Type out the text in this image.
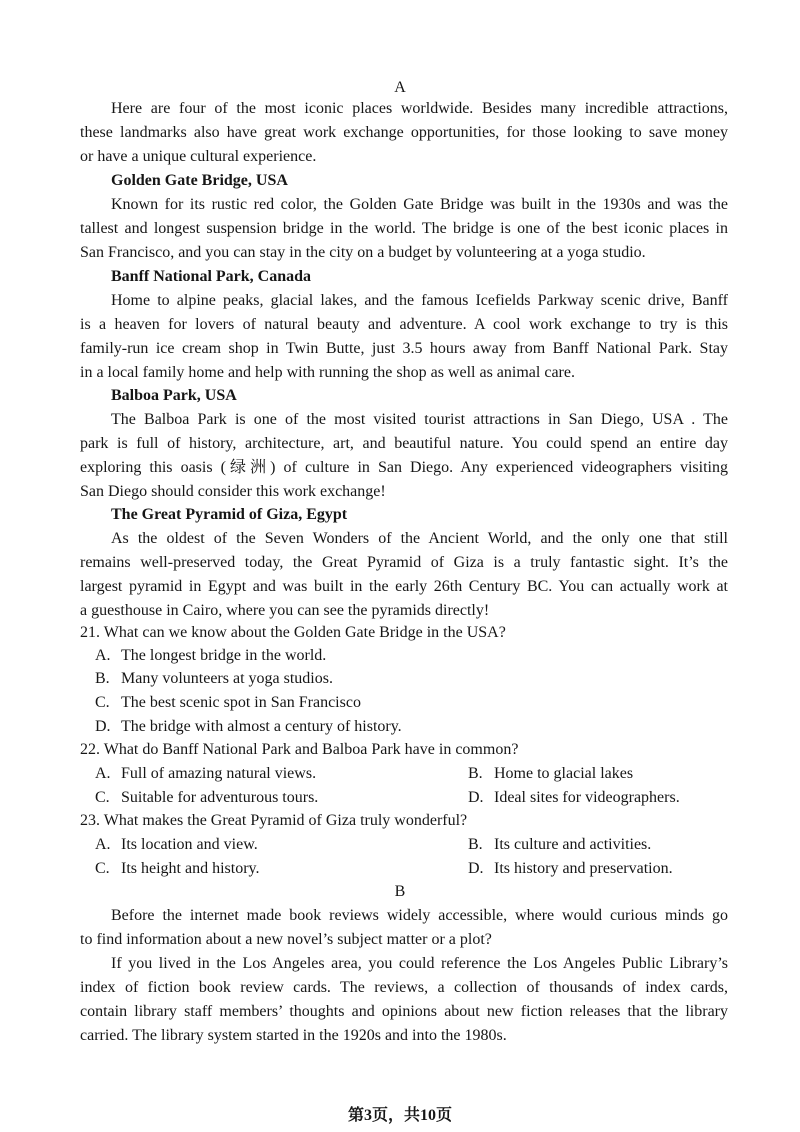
A
Here are four of the most iconic places worldwide. Besides many incredible attractions,
these landmarks also have great work exchange opportunities, for those looking to save money
or have a unique cultural experience.
Golden Gate Bridge, USA
Known for its rustic red color, the Golden Gate Bridge was built in the 1930s and was the
tallest and longest suspension bridge in the world. The bridge is one of the best iconic places in
San Francisco, and you can stay in the city on a budget by volunteering at a yoga studio.
Banff National Park, Canada
Home to alpine peaks, glacial lakes, and the famous Icefields Parkway scenic drive, Banff
is a heaven for lovers of natural beauty and adventure. A cool work exchange to try is this
family-run ice cream shop in Twin Butte, just 3.5 hours away from Banff National Park. Stay
in a local family home and help with running the shop as well as animal care.
Balboa Park, USA
The Balboa Park is one of the most visited tourist attractions in San Diego, USA . The
park is full of history, architecture, art, and beautiful nature. You could spend an entire day
exploring this oasis (绿洲) of culture in San Diego. Any experienced videographers visiting
San Diego should consider this work exchange!
The Great Pyramid of Giza, Egypt
As the oldest of the Seven Wonders of the Ancient World, and the only one that still
remains well-preserved today, the Great Pyramid of Giza is a truly fantastic sight. It’s the
largest pyramid in Egypt and was built in the early 26th Century BC. You can actually work at
a guesthouse in Cairo, where you can see the pyramids directly!
21. What can we know about the Golden Gate Bridge in the USA?
A. The longest bridge in the world.
B. Many volunteers at yoga studios.
C. The best scenic spot in San Francisco
D. The bridge with almost a century of history.
22. What do Banff National Park and Balboa Park have in common?
A. Full of amazing natural views.	B. Home to glacial lakes
C. Suitable for adventurous tours.	D. Ideal sites for videographers.
23. What makes the Great Pyramid of Giza truly wonderful?
A. Its location and view.	B. Its culture and activities.
C. Its height and history.	D. Its history and preservation.
B
Before the internet made book reviews widely accessible, where would curious minds go
to find information about a new novel’s subject matter or a plot?
If you lived in the Los Angeles area, you could reference the Los Angeles Public Library’s
index of fiction book review cards. The reviews, a collection of thousands of index cards,
contain library staff members’ thoughts and opinions about new fiction releases that the library
carried. The library system started in the 1920s and into the 1980s.
第3页，共10页
